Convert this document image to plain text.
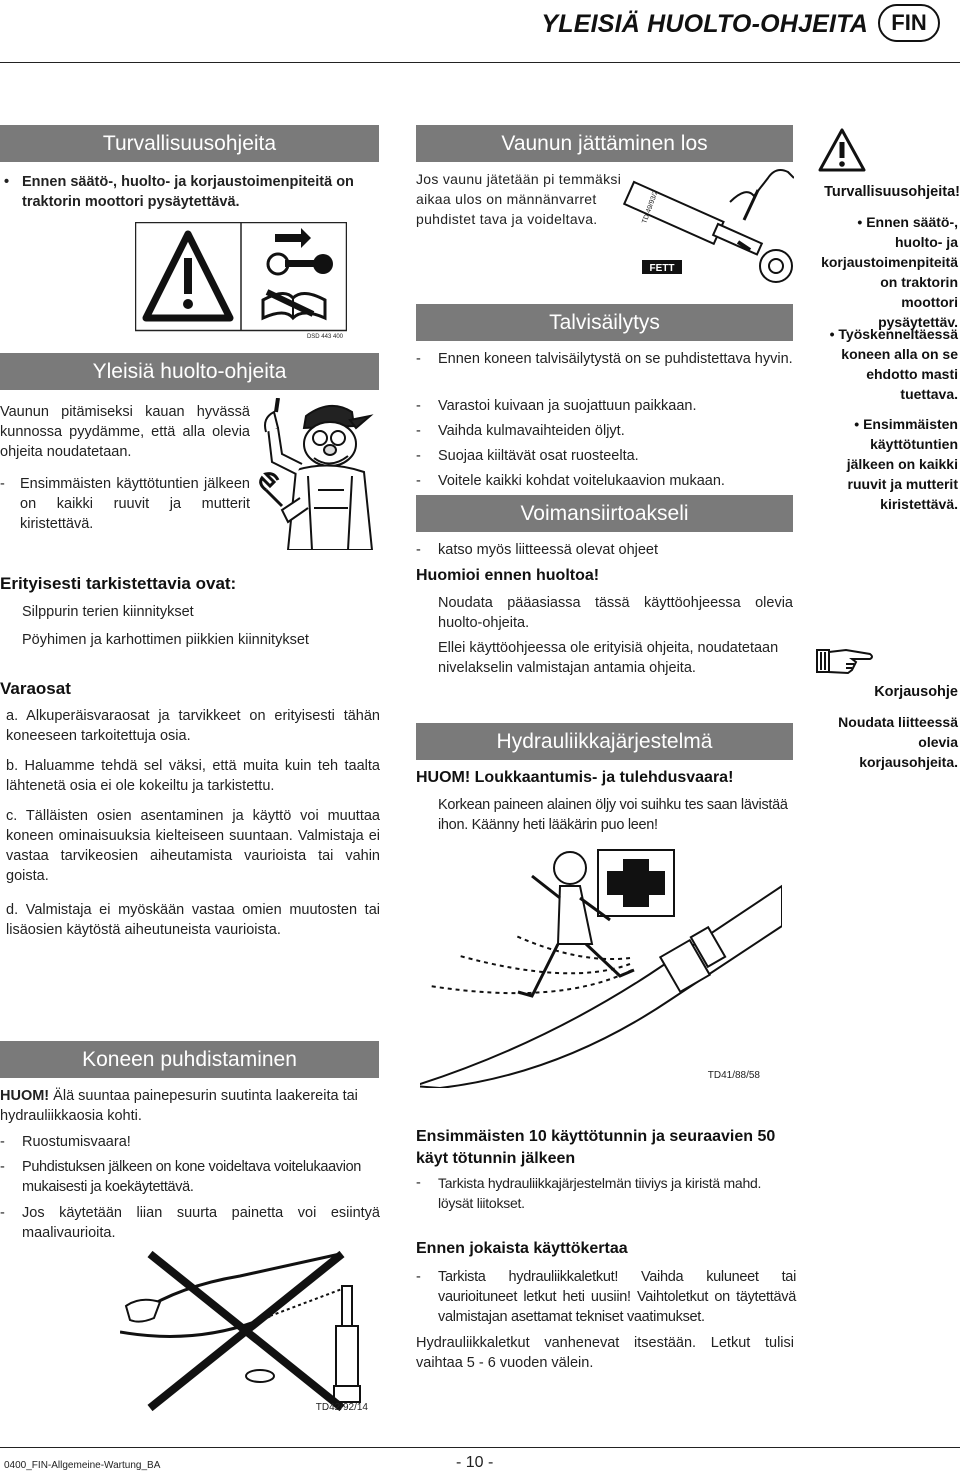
YLEISIÄ HUOLTO-OHJEITA	FIN
Turvallisuusohjeita
• Ennen säätö-, huolto- ja korjaustoimenpiteitä on traktorin moottori pysäytettävä.
DSD 443 400
Yleisiä huolto-ohjeita
Vaunun pitämiseksi kauan hyvässä kunnossa pyydämme, että alla olevia ohjeita noudatetaan.
- Ensimmäisten käyttötuntien jälkeen on kaikki ruuvit ja mutterit kiristettävä.
Erityisesti tarkistettavia ovat:
Silppurin terien kiinnitykset
Pöyhimen ja karhottimen piikkien kiinnitykset
Varaosat
a. Alkuperäisvaraosat ja tarvikkeet on erityisesti tähän koneeseen tarkoitettuja osia.
b. Haluamme tehdä sel väksi, että muita kuin teh taalta lähtenetä osia ei ole kokeiltu ja tarkistettu.
c. Tälläisten osien asentaminen ja käyttö voi muuttaa koneen ominaisuuksia kielteiseen suuntaan. Valmistaja ei vastaa tarvikeosien aiheutamista vaurioista tai vahin goista.
d. Valmistaja ei myöskään vastaa omien muutosten tai lisäosien käytöstä aiheutuneista vaurioista.
Vaunun jättäminen los
Jos vaunu jätetään pi temmäksi aikaa ulos on männänvarret puhdistet tava ja voideltava.	TD 49/93/2
FETT
Talvisäilytys
- Ennen koneen talvisäilytystä on se puhdistettava hyvin.
- Varastoi kuivaan ja suojattuun paikkaan.
- Vaihda kulmavaihteiden öljyt.
- Suojaa kiiltävät osat ruosteelta.
- Voitele kaikki kohdat voitelukaavion mukaan.
Voimansiirtoakseli
- katso myös liitteessä olevat ohjeet
Huomioi ennen huoltoa!
Noudata pääasiassa tässä käyttöohjeessa olevia huolto-ohjeita.
Ellei käyttöohjeessa ole erityisiä ohjeita, noudatetaan nivelakselin valmistajan antamia ohjeita.
Hydrauliikkajärjestelmä
HUOM! Loukkaantumis- ja tulehdusvaara!
Korkean paineen alainen öljy voi suihku tes saan lävistää ihon. Käänny heti lääkärin puo leen!
TD41/88/58
Turvallisuusohjeita!
• Ennen säätö-, huolto- ja korjaustoimenpiteitä on traktorin moottori pysäytettäv.
• Työskenneltäessä koneen alla on se ehdotto masti tuettava.
• Ensimmäisten käyttötuntien jälkeen on kaikki ruuvit ja mutterit kiristettävä.
Korjausohje
Noudata liitteessä olevia korjausohjeita.
Koneen puhdistaminen
HUOM! Älä suuntaa painepesurin suutinta laakereita tai hydrauliikkaosia kohti.
- Ruostumisvaara!
- Puhdistuksen jälkeen on kone voideltava voitelukaavion mukaisesti ja koekäytettävä.
- Jos käytetään liian suurta painetta voi esiintyä maalivaurioita.
TD42/92/14
Ensimmäisten 10 käyttötunnin ja seuraavien 50 käyt tötunnin jälkeen
- Tarkista hydrauliikkajärjestelmän tiiviys ja kiristä mahd. löysät liitokset.
Ennen jokaista käyttökertaa
- Tarkista hydrauliikkaletkut! Vaihda kuluneet tai vaurioituneet letkut heti uusiin! Vaihtoletkut on täytettävä valmistajan asettamat tekniset vaatimukset.
Hydrauliikkaletkut vanhenevat itsestään. Letkut tulisi vaihtaa 5 - 6 vuoden välein.
0400_FIN-Allgemeine-Wartung_BA	- 10 -
